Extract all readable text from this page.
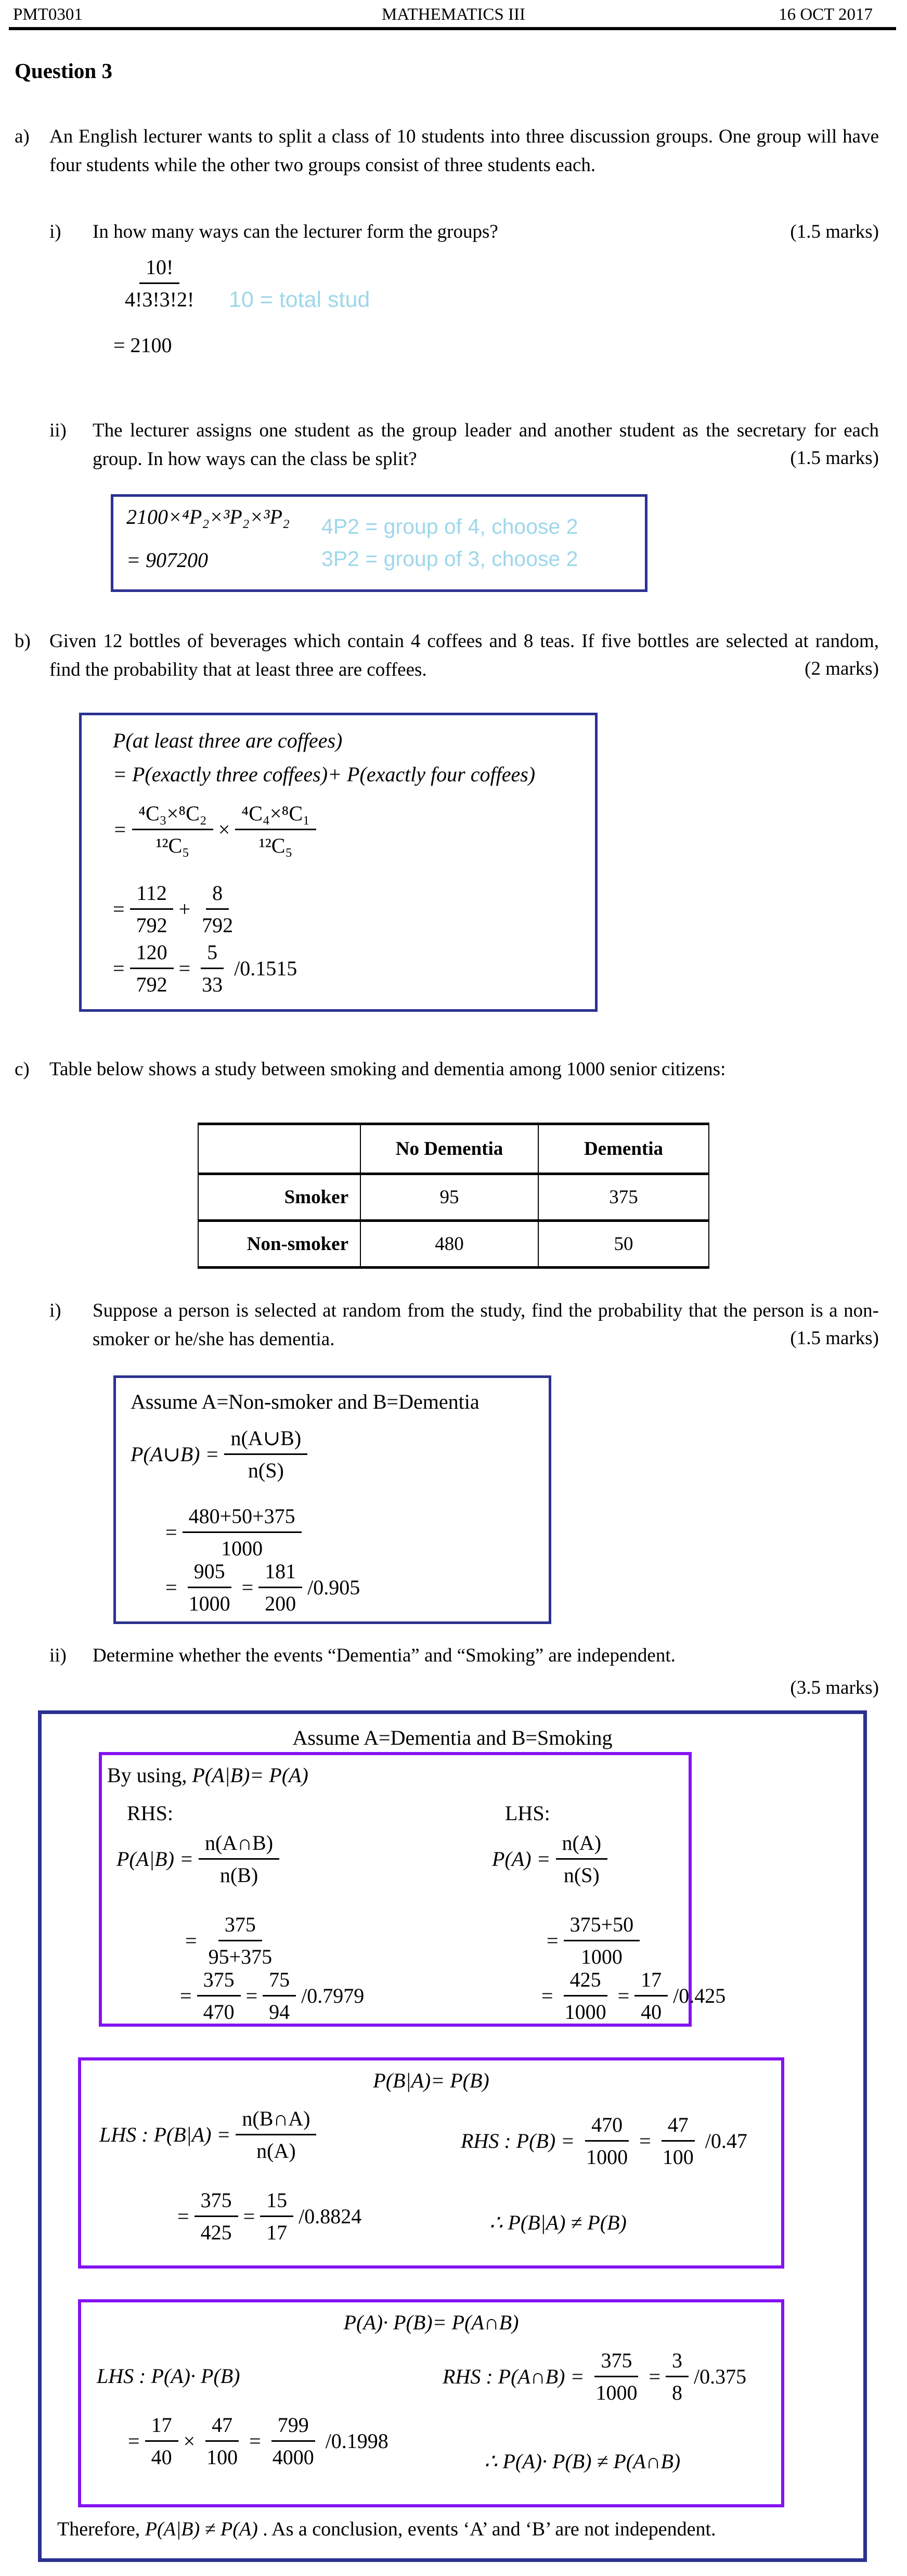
PMT0301	MATHEMATICS III	16 OCT 2017
Question 3
a) An English lecturer wants to split a class of 10 students into three discussion groups. One group will have four students while the other two groups consist of three students each.
i) In how many ways can the lecturer form the groups?	(1.5 marks)
$\frac{10!}{4!3!3!2!}$
= 2100
10 = total stud
ii) The lecturer assigns one student as the group leader and another student as the secretary for each group. In how ways can the class be split?	(1.5 marks)
2100×⁴P₂×³P₂×³P₂
= 907200
4P2 = group of 4, choose 2
3P2 = group of 3, choose 2
b) Given 12 bottles of beverages which contain 4 coffees and 8 teas. If five bottles are selected at random, find the probability that at least three are coffees.	(2 marks)
P(at least three are coffees)
= P(exactly three coffees)+ P(exactly four coffees)
= $\frac{\text{⁴C₃×⁸C₂}}{\text{¹²C₅}} \times \frac{\text{⁴C₄×⁸C₁}}{\text{¹²C₅}}$
= $\frac{112}{792} + \frac{8}{792}$
= $\frac{120}{792} = \frac{5}{33} /0.1515$
c) Table below shows a study between smoking and dementia among 1000 senior citizens:
	No Dementia	Dementia
Smoker	95	375
Non-smoker	480	50
i) Suppose a person is selected at random from the study, find the probability that the person is a non-smoker or he/she has dementia.	(1.5 marks)
Assume A=Non-smoker and B=Dementia
P(A∪B) = $\frac{n(A\cup B)}{n(S)}$
= $\frac{480+50+375}{1000}$
= $\frac{905}{1000} = \frac{181}{200} /0.905$
ii) Determine whether the events “Dementia” and “Smoking” are independent.
(3.5 marks)
Assume A=Dementia and B=Smoking
By using, P(A|B)= P(A)
RHS:	LHS:
$P(A|B) = \frac{n(A\cap B)}{n(B)}$	$P(A) = \frac{n(A)}{n(S)}$
= $\frac{375}{95+375}$	= $\frac{375+50}{1000}$
= $\frac{375}{470} = \frac{75}{94} /0.7979$	= $\frac{425}{1000} = \frac{17}{40} /0.425$
P(B|A)= P(B)
LHS : $P(B|A) = \frac{n(B\cap A)}{n(A)}$	RHS : $P(B) = \frac{470}{1000} = \frac{47}{100} /0.47$
= $\frac{375}{425} = \frac{15}{17} /0.8824$	∴ P(B|A) ≠ P(B)
P(A)· P(B)= P(A∩B)
LHS : P(A)· P(B)	RHS : P(A∩B) = $\frac{375}{1000} = \frac{3}{8} /0.375$
= $\frac{17}{40} \times \frac{47}{100} = \frac{799}{4000} /0.1998$
∴ P(A)· P(B) ≠ P(A∩B)
Therefore, P(A|B) ≠ P(A) . As a conclusion, events ‘A’ and ‘B’ are not independent.
